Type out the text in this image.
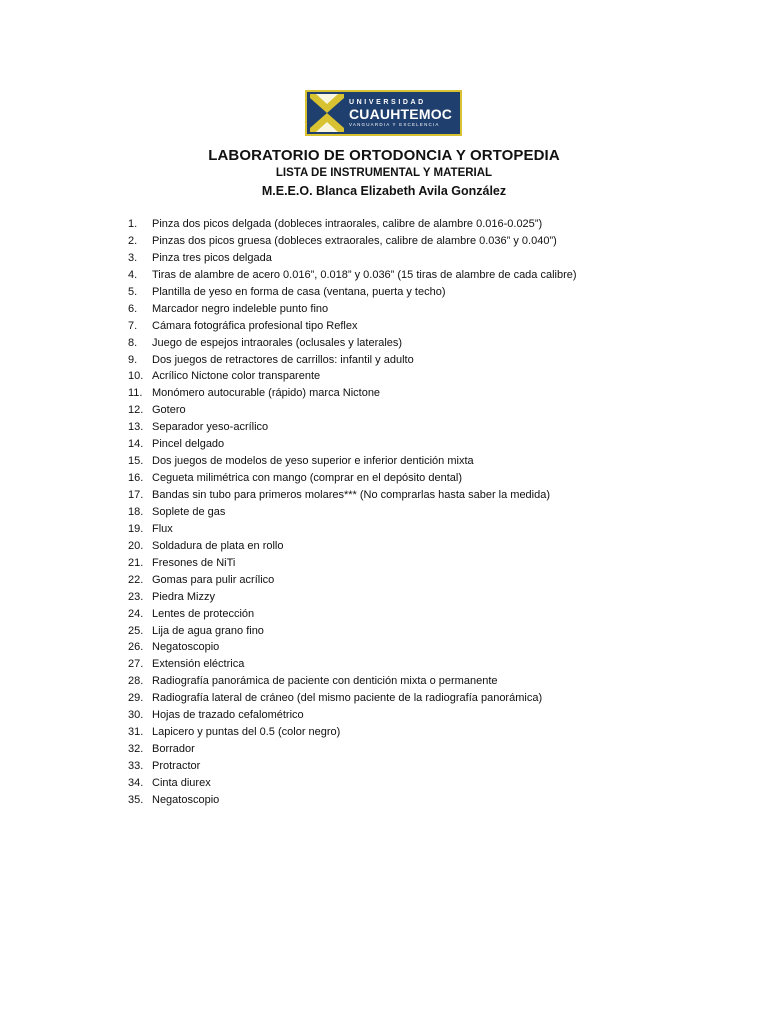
UNIVERSIDAD
CUAUHTEMOC
VANGUARDIA Y EXCELENCIA
LABORATORIO DE ORTODONCIA Y ORTOPEDIA
LISTA DE INSTRUMENTAL Y MATERIAL
M.E.E.O. Blanca Elizabeth Avila González
1. Pinza dos picos delgada (dobleces intraorales, calibre de alambre 0.016-0.025”)
2. Pinzas dos picos gruesa (dobleces extraorales, calibre de alambre 0.036” y 0.040”)
3. Pinza tres picos delgada
4. Tiras de alambre de acero 0.016”, 0.018” y 0.036” (15 tiras de alambre de cada calibre)
5. Plantilla de yeso en forma de casa (ventana, puerta y techo)
6. Marcador negro indeleble punto fino
7. Cámara fotográfica profesional tipo Reflex
8. Juego de espejos intraorales (oclusales y laterales)
9. Dos juegos de retractores de carrillos: infantil y adulto
10. Acrílico Nictone color transparente
11. Monómero autocurable (rápido) marca Nictone
12. Gotero
13. Separador yeso-acrílico
14. Pincel delgado
15. Dos juegos de modelos de yeso superior e inferior dentición mixta
16. Cegueta milimétrica con mango (comprar en el depósito dental)
17. Bandas sin tubo para primeros molares*** (No comprarlas hasta saber la medida)
18. Soplete de gas
19. Flux
20. Soldadura de plata en rollo
21. Fresones de NiTi
22. Gomas para pulir acrílico
23. Piedra Mizzy
24. Lentes de protección
25. Lija de agua grano fino
26. Negatoscopio
27. Extensión eléctrica
28. Radiografía panorámica de paciente con dentición mixta o permanente
29. Radiografía lateral de cráneo (del mismo paciente de la radiografía panorámica)
30. Hojas de trazado cefalométrico
31. Lapicero y puntas del 0.5 (color negro)
32. Borrador
33. Protractor
34. Cinta diurex
35. Negatoscopio
